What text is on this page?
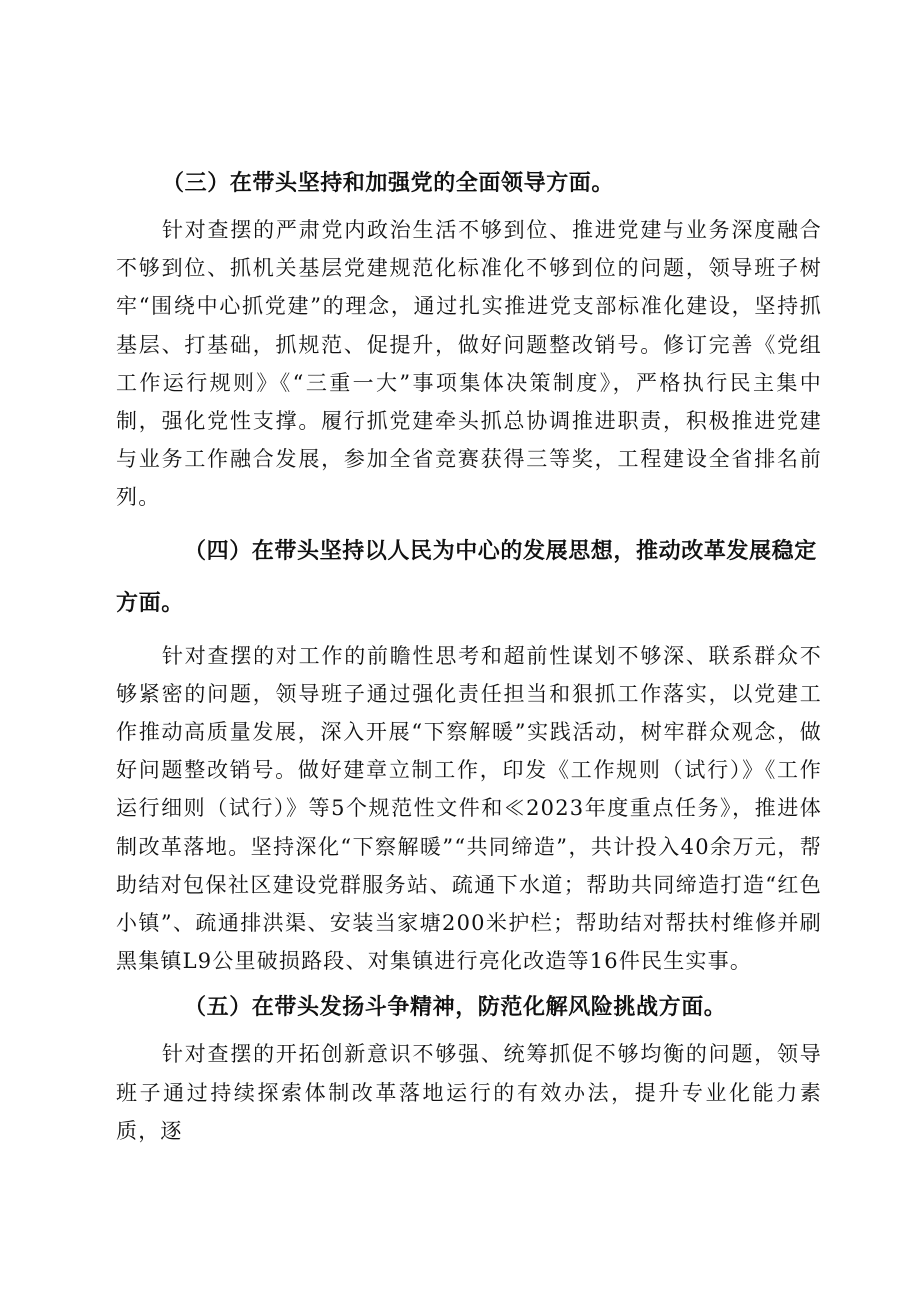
（三）在带头坚持和加强党的全面领导方面。

针对查摆的严肃党内政治生活不够到位、推进党建与业务深度融合不够到位、抓机关基层党建规范化标准化不够到位的问题，领导班子树牢“围绕中心抓党建”的理念，通过扎实推进党支部标准化建设，坚持抓基层、打基础，抓规范、促提升，做好问题整改销号。修订完善《党组工作运行规则》《“三重一大”事项集体决策制度》，严格执行民主集中制，强化党性支撑。履行抓党建牵头抓总协调推进职责，积极推进党建与业务工作融合发展，参加全省竞赛获得三等奖，工程建设全省排名前列。

（四）在带头坚持以人民为中心的发展思想，推动改革发展稳定方面。

针对查摆的对工作的前瞻性思考和超前性谋划不够深、联系群众不够紧密的问题，领导班子通过强化责任担当和狠抓工作落实，以党建工作推动高质量发展，深入开展“下察解暖”实践活动，树牢群众观念，做好问题整改销号。做好建章立制工作，印发《工作规则（试行）》《工作运行细则（试行）》等5个规范性文件和≪2023年度重点任务》，推进体制改革落地。坚持深化“下察解暖”“共同缔造”，共计投入40余万元，帮助结对包保社区建设党群服务站、疏通下水道；帮助共同缔造打造“红色小镇”、疏通排洪渠、安装当家塘200米护栏；帮助结对帮扶村维修并刷黑集镇L9公里破损路段、对集镇进行亮化改造等16件民生实事。

（五）在带头发扬斗争精神，防范化解风险挑战方面。

针对查摆的开拓创新意识不够强、统筹抓促不够均衡的问题，领导班子通过持续探索体制改革落地运行的有效办法，提升专业化能力素质，逐
